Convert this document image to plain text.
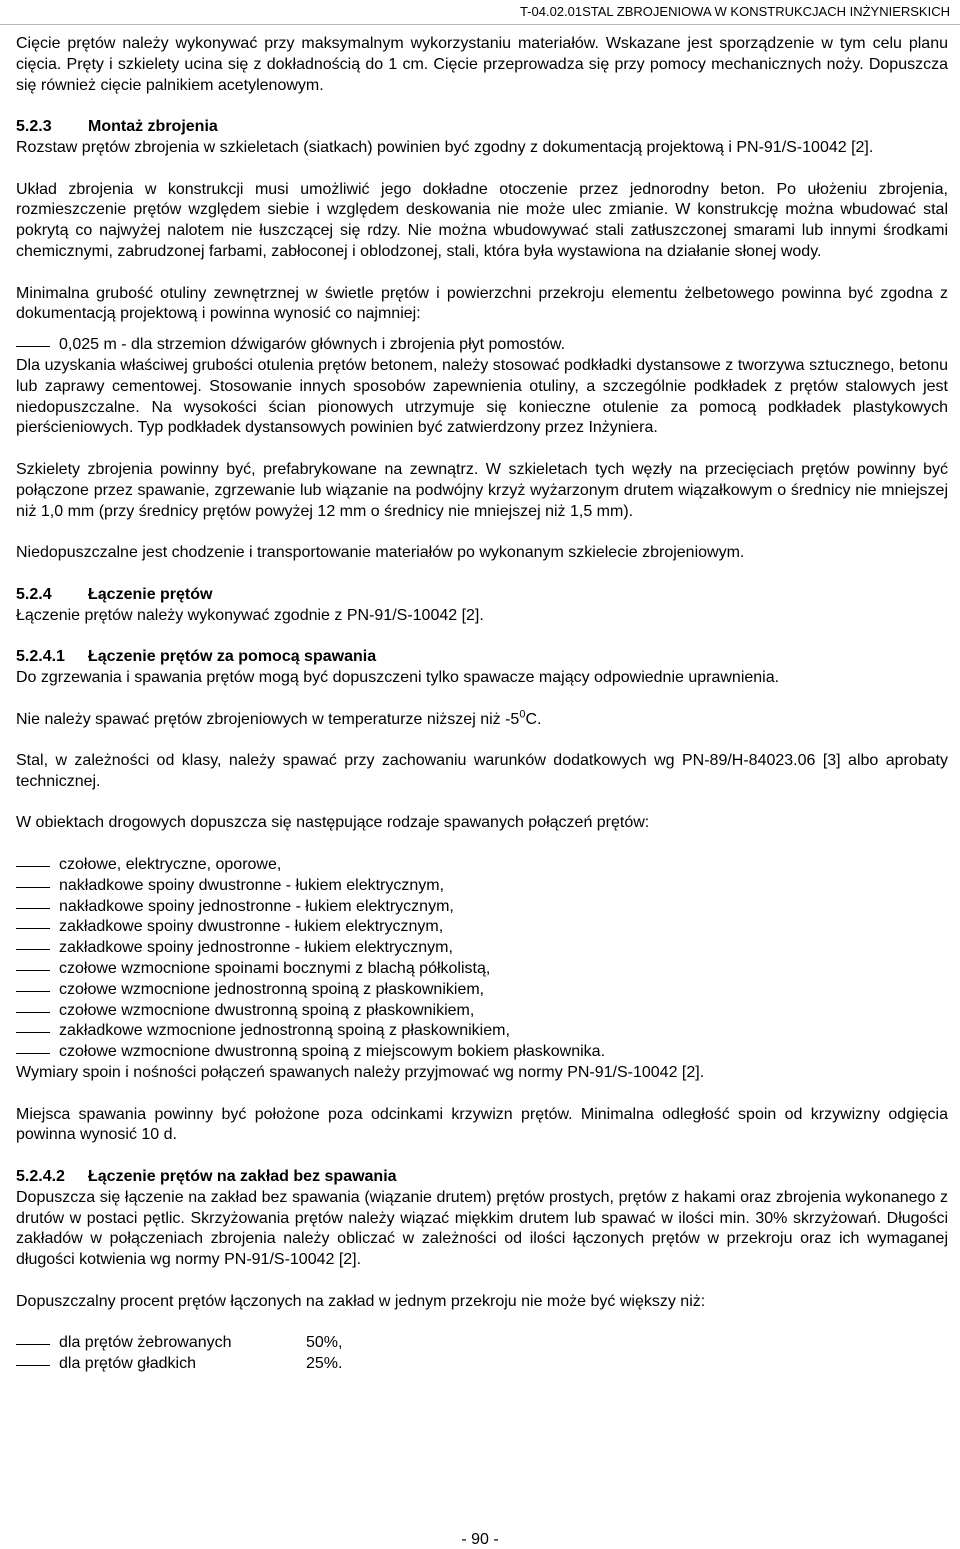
T-04.02.01STAL ZBROJENIOWA W KONSTRUKCJACH INŻYNIERSKICH

Cięcie prętów należy wykonywać przy maksymalnym wykorzystaniu materiałów. Wskazane jest sporządzenie w tym celu planu cięcia. Pręty i szkielety ucina się z dokładnością do 1 cm. Cięcie przeprowadza się przy pomocy mechanicznych noży. Dopuszcza się również cięcie palnikiem acetylenowym.

5.2.3 Montaż zbrojenia

Rozstaw prętów zbrojenia w szkieletach (siatkach) powinien być zgodny z dokumentacją projektową i PN-91/S-10042 [2].

Układ zbrojenia w konstrukcji musi umożliwić jego dokładne otoczenie przez jednorodny beton. Po ułożeniu zbrojenia, rozmieszczenie prętów względem siebie i względem deskowania nie może ulec zmianie. W konstrukcję można wbudować stal pokrytą co najwyżej nalotem nie łuszczącej się rdzy. Nie można wbudowywać stali zatłuszczonej smarami lub innymi środkami chemicznymi, zabrudzonej farbami, zabłoconej i oblodzonej, stali, która była wystawiona na działanie słonej wody.

Minimalna grubość otuliny zewnętrznej w świetle prętów i powierzchni przekroju elementu żelbetowego powinna być zgodna z dokumentacją projektową i powinna wynosić co najmniej:

0,025 m - dla strzemion dźwigarów głównych i zbrojenia płyt pomostów.

Dla uzyskania właściwej grubości otulenia prętów betonem, należy stosować podkładki dystansowe z tworzywa sztucznego, betonu lub zaprawy cementowej. Stosowanie innych sposobów zapewnienia otuliny, a szczególnie podkładek z prętów stalowych jest niedopuszczalne. Na wysokości ścian pionowych utrzymuje się konieczne otulenie za pomocą podkładek plastykowych pierścieniowych. Typ podkładek dystansowych powinien być zatwierdzony przez Inżyniera.

Szkielety zbrojenia powinny być, prefabrykowane na zewnątrz. W szkieletach tych węzły na przecięciach prętów powinny być połączone przez spawanie, zgrzewanie lub wiązanie na podwójny krzyż wyżarzonym drutem wiązałkowym o średnicy nie mniejszej niż 1,0 mm (przy średnicy prętów powyżej 12 mm o średnicy nie mniejszej niż 1,5 mm).

Niedopuszczalne jest chodzenie i transportowanie materiałów po wykonanym szkielecie zbrojeniowym.

5.2.4 Łączenie prętów

Łączenie prętów należy wykonywać zgodnie z PN-91/S-10042 [2].

5.2.4.1 Łączenie prętów za pomocą spawania

Do zgrzewania i spawania prętów mogą być dopuszczeni tylko spawacze mający odpowiednie uprawnienia.

Nie należy spawać prętów zbrojeniowych w temperaturze niższej niż $-5^0C$.

Stal, w zależności od klasy, należy spawać przy zachowaniu warunków dodatkowych wg PN-89/H-84023.06 [3] albo aprobaty technicznej.

W obiektach drogowych dopuszcza się następujące rodzaje spawanych połączeń prętów:

czołowe, elektryczne, oporowe,
nakładkowe spoiny dwustronne - łukiem elektrycznym,
nakładkowe spoiny jednostronne - łukiem elektrycznym,
zakładkowe spoiny dwustronne - łukiem elektrycznym,
zakładkowe spoiny jednostronne - łukiem elektrycznym,
czołowe wzmocnione spoinami bocznymi z blachą półkolistą,
czołowe wzmocnione jednostronną spoiną z płaskownikiem,
czołowe wzmocnione dwustronną spoiną z płaskownikiem,
zakładkowe wzmocnione jednostronną spoiną z płaskownikiem,
czołowe wzmocnione dwustronną spoiną z miejscowym bokiem płaskownika.

Wymiary spoin i nośności połączeń spawanych należy przyjmować wg normy PN-91/S-10042 [2].

Miejsca spawania powinny być położone poza odcinkami krzywizn prętów. Minimalna odległość spoin od krzywizny odgięcia powinna wynosić 10 d.

5.2.4.2 Łączenie prętów na zakład bez spawania

Dopuszcza się łączenie na zakład bez spawania (wiązanie drutem) prętów prostych, prętów z hakami oraz zbrojenia wykonanego z drutów w postaci pętlic. Skrzyżowania prętów należy wiązać miękkim drutem lub spawać w ilości min. 30% skrzyżowań. Długości zakładów w połączeniach zbrojenia należy obliczać w zależności od ilości łączonych prętów w przekroju oraz ich wymaganej długości kotwienia wg normy PN-91/S-10042 [2].

Dopuszczalny procent prętów łączonych na zakład w jednym przekroju nie może być większy niż:

dla prętów żebrowanych	50%,
dla prętów gładkich	25%.
- 90 -
